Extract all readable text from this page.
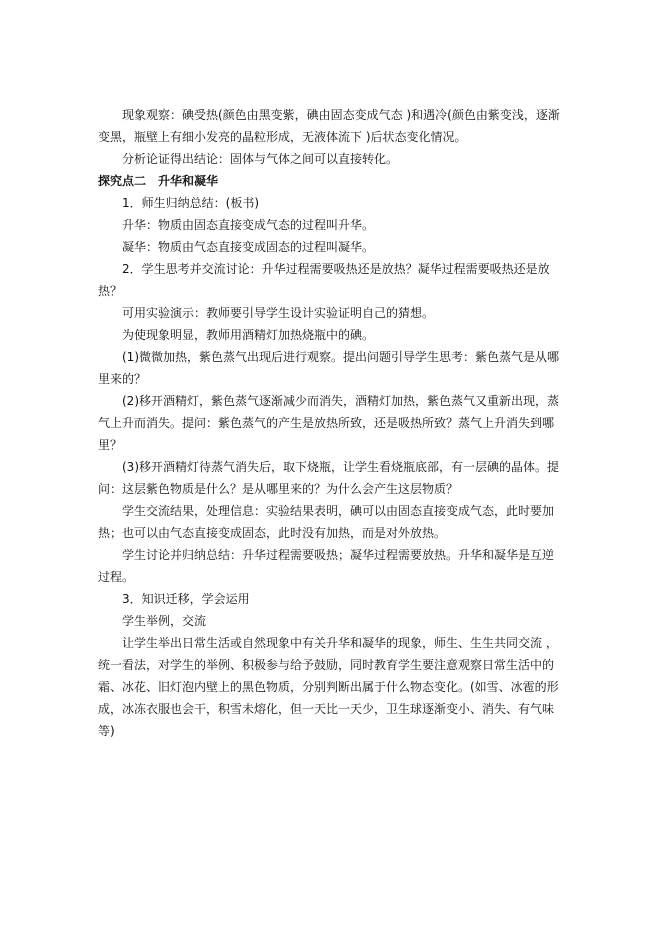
现象观察：碘受热(颜色由黑变紫，碘由固态变成气态 )和遇冷(颜色由紫变浅，逐渐变黑，瓶壁上有细小发亮的晶粒形成，无液体流下 )后状态变化情况。

分析论证得出结论：固体与气体之间可以直接转化。

探究点二　升华和凝华

1．师生归纳总结：(板书)

升华：物质由固态直接变成气态的过程叫升华。

凝华：物质由气态直接变成固态的过程叫凝华。

2．学生思考并交流讨论：升华过程需要吸热还是放热？凝华过程需要吸热还是放热？

可用实验演示：教师要引导学生设计实验证明自己的猜想。

为使现象明显，教师用酒精灯加热烧瓶中的碘。

(1)微微加热，紫色蒸气出现后进行观察。提出问题引导学生思考：紫色蒸气是从哪里来的？

(2)移开酒精灯，紫色蒸气逐渐减少而消失，酒精灯加热，紫色蒸气又重新出现，蒸气上升而消失。提问：紫色蒸气的产生是放热所致，还是吸热所致？蒸气上升消失到哪里？

(3)移开酒精灯待蒸气消失后，取下烧瓶，让学生看烧瓶底部，有一层碘的晶体。提问：这层紫色物质是什么？是从哪里来的？为什么会产生这层物质？

学生交流结果，处理信息：实验结果表明，碘可以由固态直接变成气态，此时要加热；也可以由气态直接变成固态，此时没有加热，而是对外放热。

学生讨论并归纳总结：升华过程需要吸热；凝华过程需要放热。升华和凝华是互逆过程。

3．知识迁移，学会运用

学生举例，交流

让学生举出日常生活或自然现象中有关升华和凝华的现象，师生、生生共同交流 ，统一看法，对学生的举例、积极参与给予鼓励，同时教育学生要注意观察日常生活中的霜、冰花、旧灯泡内壁上的黑色物质，分别判断出属于什么物态变化。(如雪、冰雹的形成，冰冻衣服也会干，积雪未熔化，但一天比一天少，卫生球逐渐变小、消失、有气味等)
